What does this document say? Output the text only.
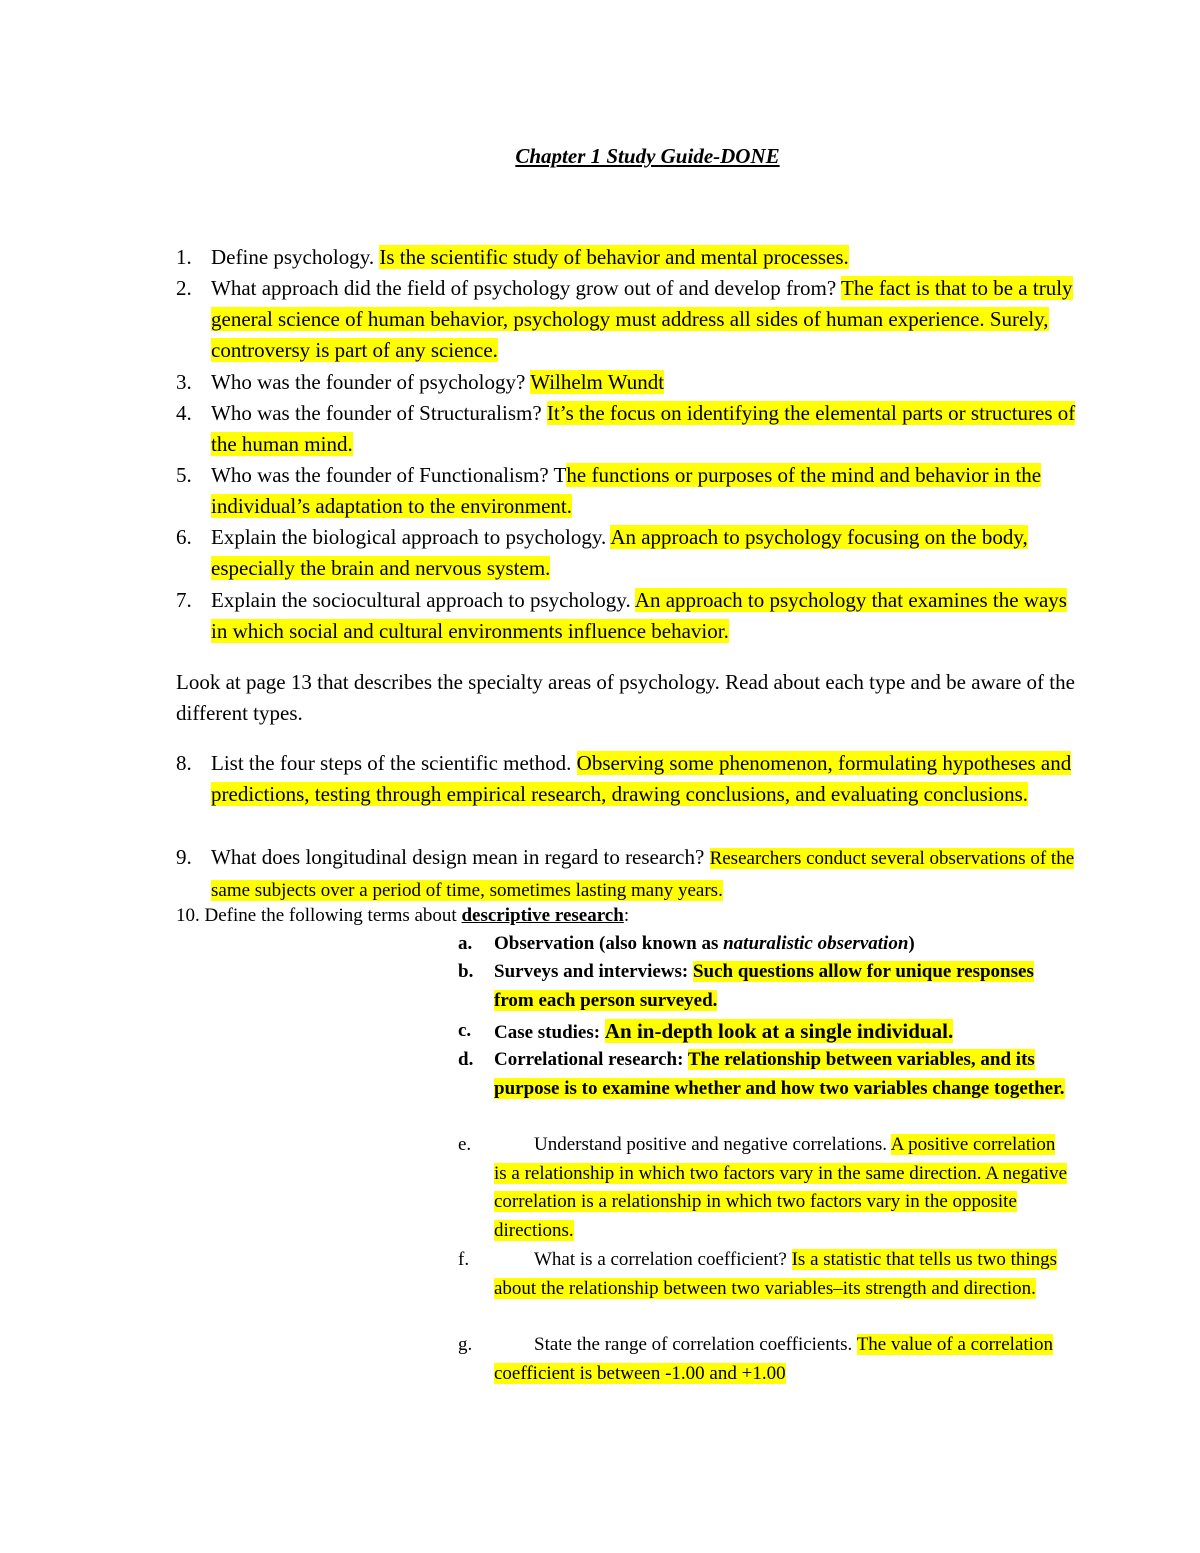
Chapter 1 Study Guide-DONE
1. Define psychology. Is the scientific study of behavior and mental processes.
2. What approach did the field of psychology grow out of and develop from? The fact is that to be a truly general science of human behavior, psychology must address all sides of human experience. Surely, controversy is part of any science.
3. Who was the founder of psychology? Wilhelm Wundt
4. Who was the founder of Structuralism? It’s the focus on identifying the elemental parts or structures of the human mind.
5. Who was the founder of Functionalism? The functions or purposes of the mind and behavior in the individual’s adaptation to the environment.
6. Explain the biological approach to psychology. An approach to psychology focusing on the body, especially the brain and nervous system.
7. Explain the sociocultural approach to psychology. An approach to psychology that examines the ways in which social and cultural environments influence behavior.
Look at page 13 that describes the specialty areas of psychology. Read about each type and be aware of the different types.
8. List the four steps of the scientific method. Observing some phenomenon, formulating hypotheses and predictions, testing through empirical research, drawing conclusions, and evaluating conclusions.
9. What does longitudinal design mean in regard to research? Researchers conduct several observations of the same subjects over a period of time, sometimes lasting many years.
10. Define the following terms about descriptive research:
a. Observation (also known as naturalistic observation)
b. Surveys and interviews: Such questions allow for unique responses from each person surveyed.
c. Case studies: An in-depth look at a single individual.
d. Correlational research: The relationship between variables, and its purpose is to examine whether and how two variables change together.
e.	Understand positive and negative correlations. A positive correlation is a relationship in which two factors vary in the same direction. A negative correlation is a relationship in which two factors vary in the opposite directions.
f.	What is a correlation coefficient? Is a statistic that tells us two things about the relationship between two variables–its strength and direction.
g.	State the range of correlation coefficients. The value of a correlation coefficient is between -1.00 and +1.00
